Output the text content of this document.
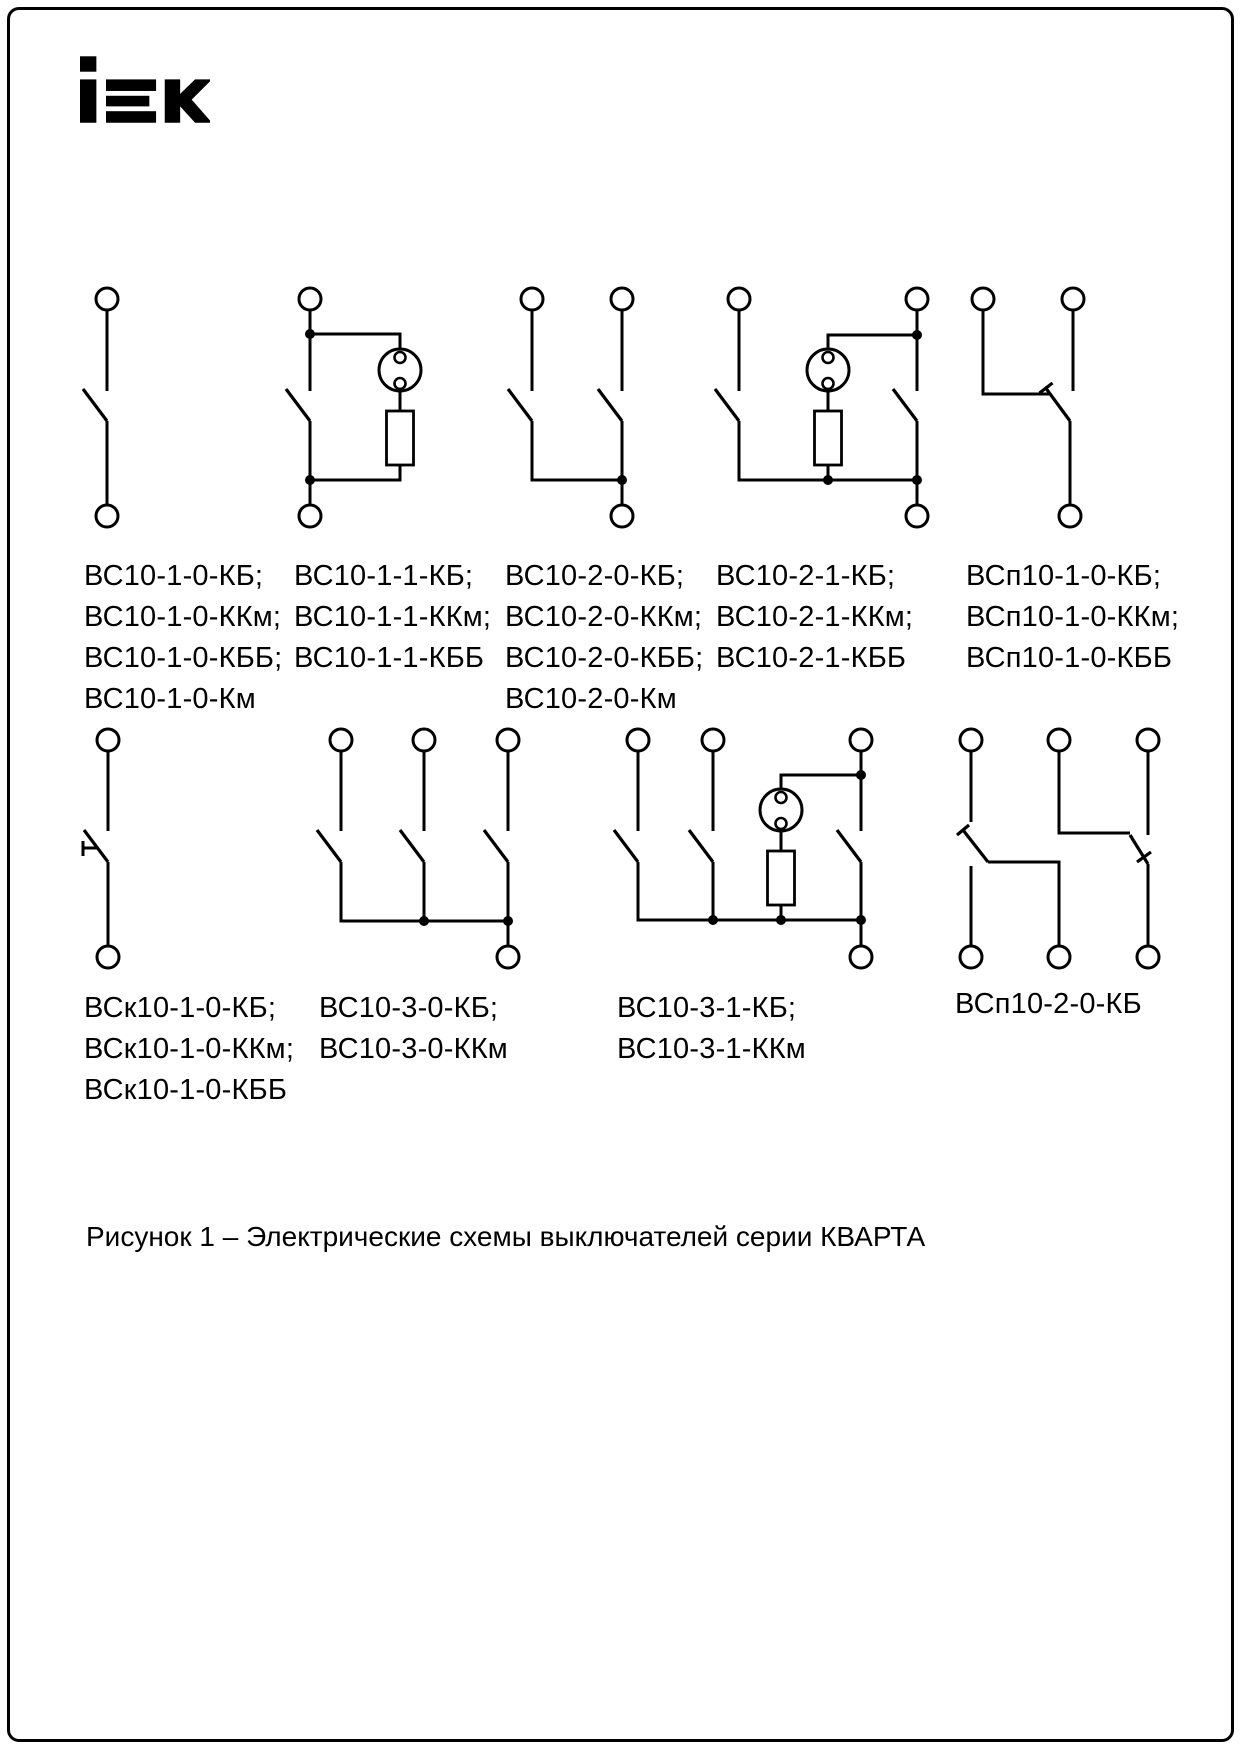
ВС10-1-0-КБ;
ВС10-1-0-ККм;
ВС10-1-0-КББ;
ВС10-1-0-Км
ВС10-1-1-КБ;
ВС10-1-1-ККм;
ВС10-1-1-КББ
ВС10-2-0-КБ;
ВС10-2-0-ККм;
ВС10-2-0-КББ;
ВС10-2-0-Км
ВС10-2-1-КБ;
ВС10-2-1-ККм;
ВС10-2-1-КББ
ВСп10-1-0-КБ;
ВСп10-1-0-ККм;
ВСп10-1-0-КББ
ВСк10-1-0-КБ;
ВСк10-1-0-ККм;
ВСк10-1-0-КББ
ВС10-3-0-КБ;
ВС10-3-0-ККм
ВС10-3-1-КБ;
ВС10-3-1-ККм
ВСп10-2-0-КБ
Рисунок 1 – Электрические схемы выключателей серии КВАРТА
